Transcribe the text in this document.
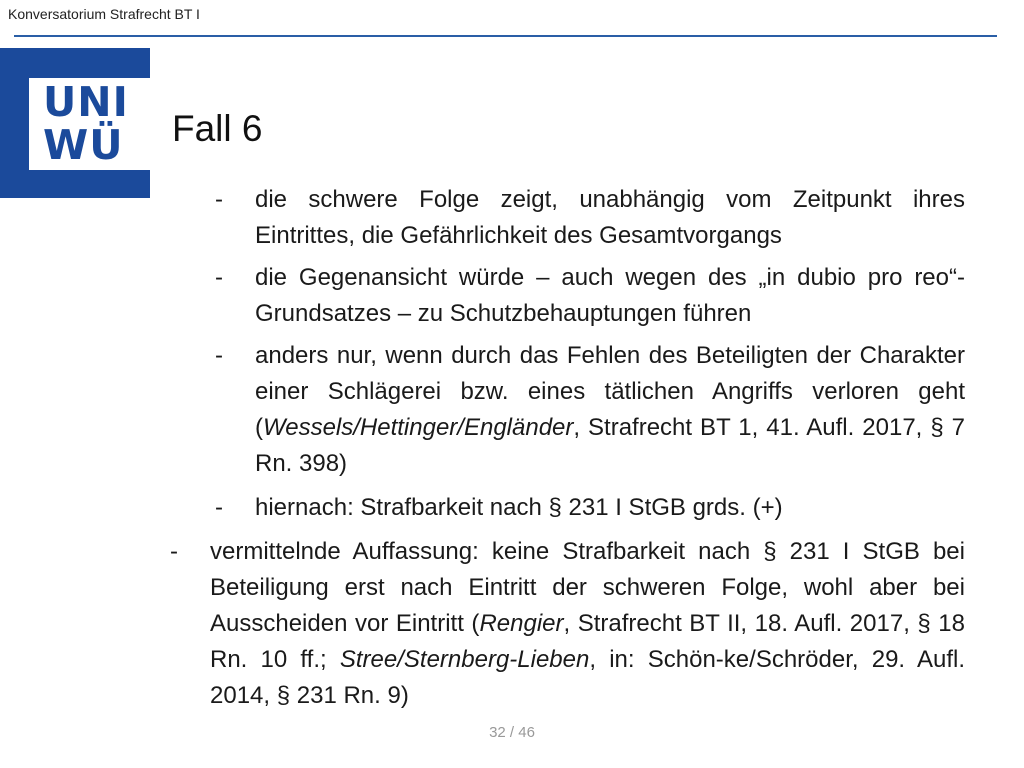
Konversatorium Strafrecht BT I
UNI
WÜ	Fall 6
-	die schwere Folge zeigt, unabhängig vom Zeitpunkt ihres Eintrittes, die Gefährlichkeit des Gesamtvorgangs
-	die Gegenansicht würde – auch wegen des „in dubio pro reo“-Grundsatzes – zu Schutzbehauptungen führen
-	anders nur, wenn durch das Fehlen des Beteiligten der Charakter einer Schlägerei bzw. eines tätlichen Angriffs verloren geht (Wessels/Hettinger/Engländer, Strafrecht BT 1, 41. Aufl. 2017, § 7 Rn. 398)
-	hiernach: Strafbarkeit nach § 231 I StGB grds. (+)
-	vermittelnde Auffassung: keine Strafbarkeit nach § 231 I StGB bei Beteiligung erst nach Eintritt der schweren Folge, wohl aber bei Ausscheiden vor Eintritt (Rengier, Strafrecht BT II, 18. Aufl. 2017, § 18 Rn. 10 ff.; Stree/Sternberg-Lieben, in: Schön-ke/Schröder, 29. Aufl. 2014, § 231 Rn. 9)
32 / 46
